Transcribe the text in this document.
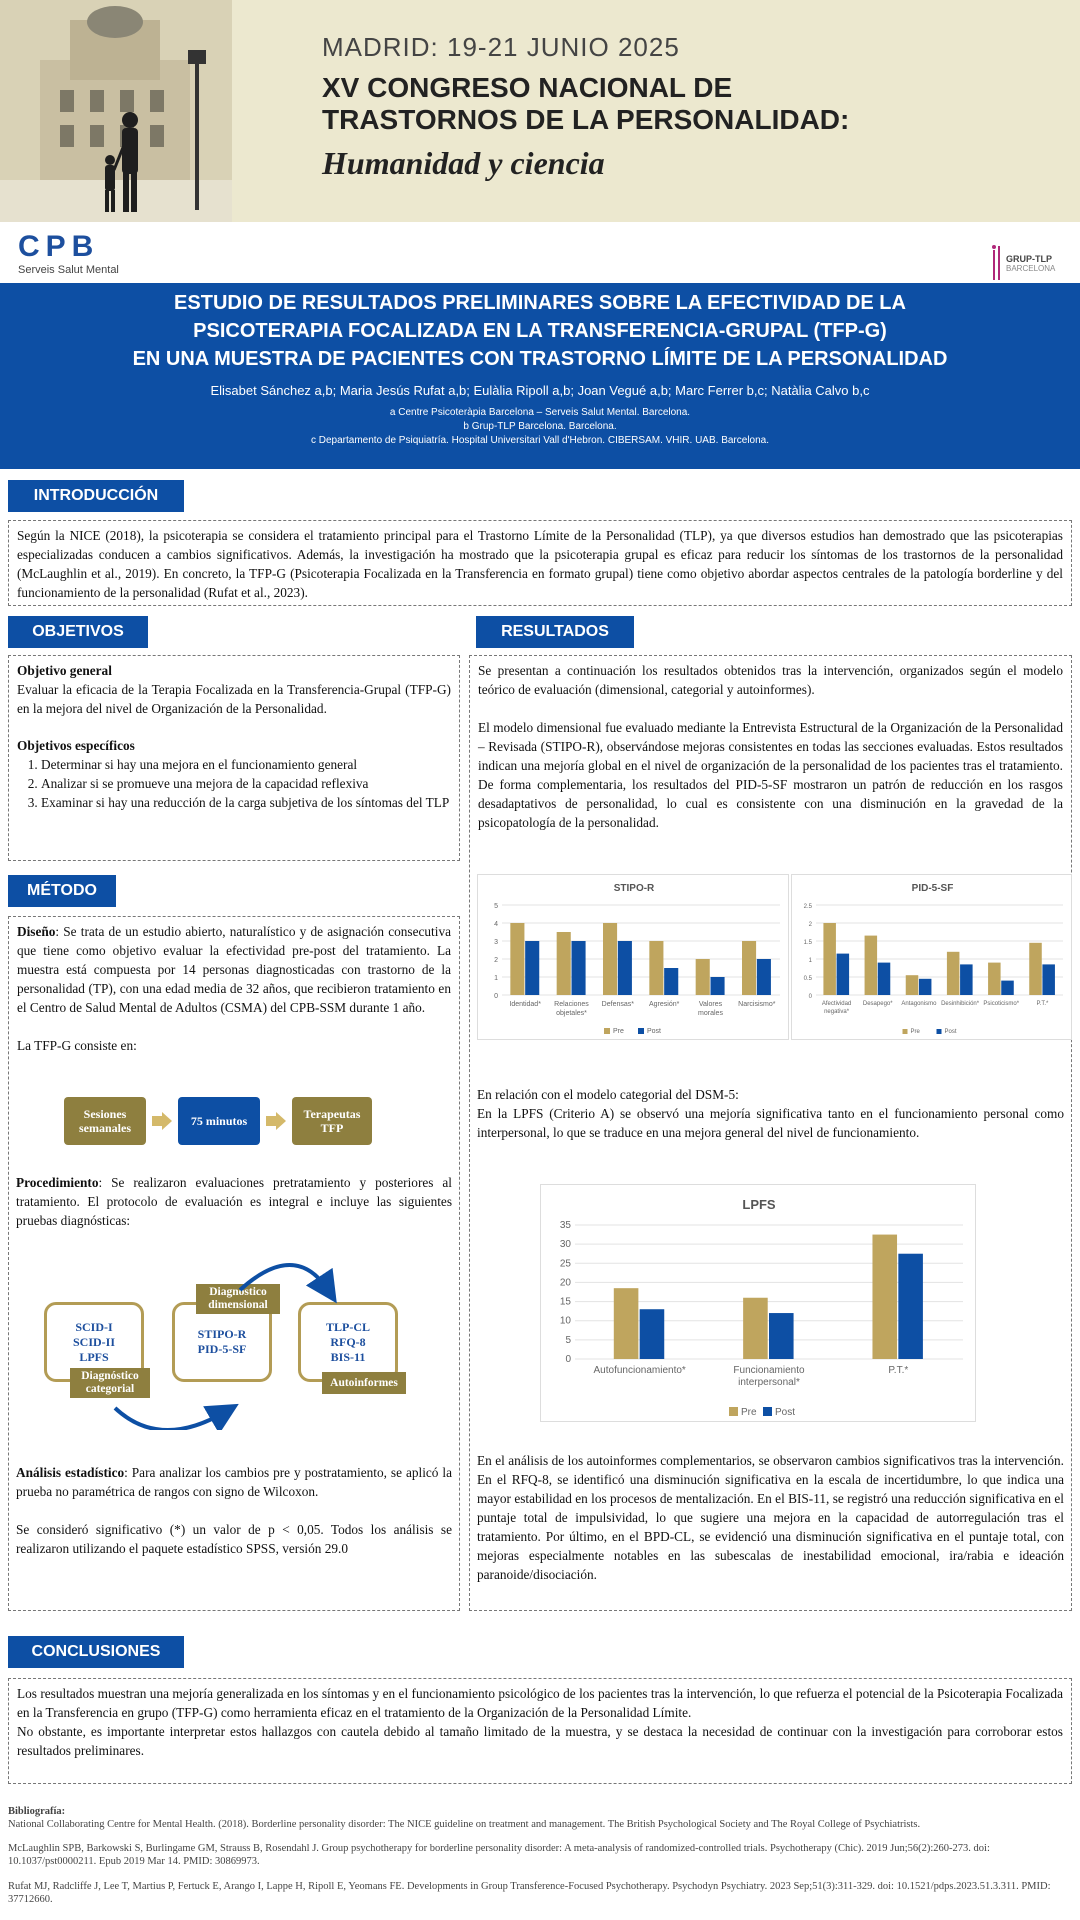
MADRID: 19-21 JUNIO 2025
XV CONGRESO NACIONAL DE
TRASTORNOS DE LA PERSONALIDAD:
Humanidad y ciencia
CPB
Serveis Salut Mental
GRUP-TLP
BARCELONA
ESTUDIO DE RESULTADOS PRELIMINARES SOBRE LA EFECTIVIDAD DE LA
PSICOTERAPIA FOCALIZADA EN LA TRANSFERENCIA-GRUPAL (TFP-G)
EN UNA MUESTRA DE PACIENTES CON TRASTORNO LÍMITE DE LA PERSONALIDAD
Elisabet Sánchez a,b; Maria Jesús Rufat a,b; Eulàlia Ripoll a,b; Joan Vegué a,b; Marc Ferrer b,c; Natàlia Calvo b,c
a Centre Psicoteràpia Barcelona – Serveis Salut Mental. Barcelona.
b Grup-TLP Barcelona. Barcelona.
c Departamento de Psiquiatría. Hospital Universitari Vall d'Hebron. CIBERSAM. VHIR. UAB. Barcelona.
INTRODUCCIÓN

Según la NICE (2018), la psicoterapia se considera el tratamiento principal para el Trastorno Límite de la Personalidad (TLP), ya que diversos estudios han demostrado que las psicoterapias especializadas conducen a cambios significativos. Además, la investigación ha mostrado que la psicoterapia grupal es eficaz para reducir los síntomas de los trastornos de la personalidad (McLaughlin et al., 2019). En concreto, la TFP-G (Psicoterapia Focalizada en la Transferencia en formato grupal) tiene como objetivo abordar aspectos centrales de la patología borderline y del funcionamiento de la personalidad (Rufat et al., 2023).

OBJETIVOS
Objetivo general
Evaluar la eficacia de la Terapia Focalizada en la Transferencia-Grupal (TFP-G) en la mejora del nivel de Organización de la Personalidad.
Objetivos específicos
1. Determinar si hay una mejora en el funcionamiento general
2. Analizar si se promueve una mejora de la capacidad reflexiva
3. Examinar si hay una reducción de la carga subjetiva de los síntomas del TLP
MÉTODO

Diseño: Se trata de un estudio abierto, naturalístico y de asignación consecutiva que tiene como objetivo evaluar la efectividad pre-post del tratamiento. La muestra está compuesta por 14 personas diagnosticadas con trastorno de la personalidad (TP), con una edad media de 32 años, que recibieron tratamiento en el Centro de Salud Mental de Adultos (CSMA) del CPB-SSM durante 1 año.

La TFP-G consiste en:

Sesiones semanales	75 minutos	Terapeutas TFP

Procedimiento: Se realizaron evaluaciones pretratamiento y posteriores al tratamiento. El protocolo de evaluación es integral e incluye las siguientes pruebas diagnósticas:

SCID-I
SCID-II
LPFS
STIPO-R
PID-5-SF
TLP-CL
RFQ-8
BIS-11
Diagnóstico dimensional
Diagnóstico categorial
Autoinformes

Análisis estadístico: Para analizar los cambios pre y postratamiento, se aplicó la prueba no paramétrica de rangos con signo de Wilcoxon.

Se consideró significativo (*) un valor de p < 0,05. Todos los análisis se realizaron utilizando el paquete estadístico SPSS, versión 29.0

RESULTADOS

Se presentan a continuación los resultados obtenidos tras la intervención, organizados según el modelo teórico de evaluación (dimensional, categorial y autoinformes).

El modelo dimensional fue evaluado mediante la Entrevista Estructural de la Organización de la Personalidad – Revisada (STIPO-R), observándose mejoras consistentes en todas las secciones evaluadas. Estos resultados indican una mejoría global en el nivel de organización de la personalidad de los pacientes tras el tratamiento. De forma complementaria, los resultados del PID-5-SF mostraron un patrón de reducción en los rasgos desadaptativos de personalidad, lo cual es consistente con una disminución en la gravedad de la psicopatología de la personalidad.

STIPO-R
0
1
2
3
4
5
Identidad* Relaciones objetales*
Defensas* Agresión*	Valores morales
Narcisismo*
Pre	Post
PID-5-SF
0
0.5
1
1.5
2
2.5
Afectividad negativa*
Desapego* Antagonismo Desinhibición* Psicoticismo*	P.T.*
Pre	Post
En relación con el modelo categorial del DSM-5:

En la LPFS (Criterio A) se observó una mejoría significativa tanto en el funcionamiento personal como interpersonal, lo que se traduce en una mejora general del nivel de funcionamiento.

LPFS
0
5
10
15
20
25
30
35
Autofuncionamiento*	Funcionamiento interpersonal*
P.T.*
Pre Post

En el análisis de los autoinformes complementarios, se observaron cambios significativos tras la intervención. En el RFQ-8, se identificó una disminución significativa en la escala de incertidumbre, lo que indica una mayor estabilidad en los procesos de mentalización. En el BIS-11, se registró una reducción significativa en el puntaje total de impulsividad, lo que sugiere una mejora en la capacidad de autorregulación tras el tratamiento. Por último, en el BPD-CL, se evidenció una disminución significativa en el puntaje total, con mejoras especialmente notables en las subescalas de inestabilidad emocional, ira/rabia e ideación paranoide/disociación.

CONCLUSIONES
Los resultados muestran una mejoría generalizada en los síntomas y en el funcionamiento psicológico de los pacientes tras la intervención, lo que refuerza el potencial de la Psicoterapia Focalizada en la Transferencia en grupo (TFP-G) como herramienta eficaz en el tratamiento de la Organización de la Personalidad Límite.
No obstante, es importante interpretar estos hallazgos con cautela debido al tamaño limitado de la muestra, y se destaca la necesidad de continuar con la investigación para corroborar estos resultados preliminares.
Bibliografía:
National Collaborating Centre for Mental Health. (2018). Borderline personality disorder: The NICE guideline on treatment and management. The British Psychological Society and The Royal College of Psychiatrists.
McLaughlin SPB, Barkowski S, Burlingame GM, Strauss B, Rosendahl J. Group psychotherapy for borderline personality disorder: A meta-analysis of randomized-controlled trials. Psychotherapy (Chic). 2019 Jun;56(2):260-273. doi: 10.1037/pst0000211. Epub 2019 Mar 14. PMID: 30869973.
Rufat MJ, Radcliffe J, Lee T, Martius P, Fertuck E, Arango I, Lappe H, Ripoll E, Yeomans FE. Developments in Group Transference-Focused Psychotherapy. Psychodyn Psychiatry. 2023 Sep;51(3):311-329. doi: 10.1521/pdps.2023.51.3.311. PMID: 37712660.
